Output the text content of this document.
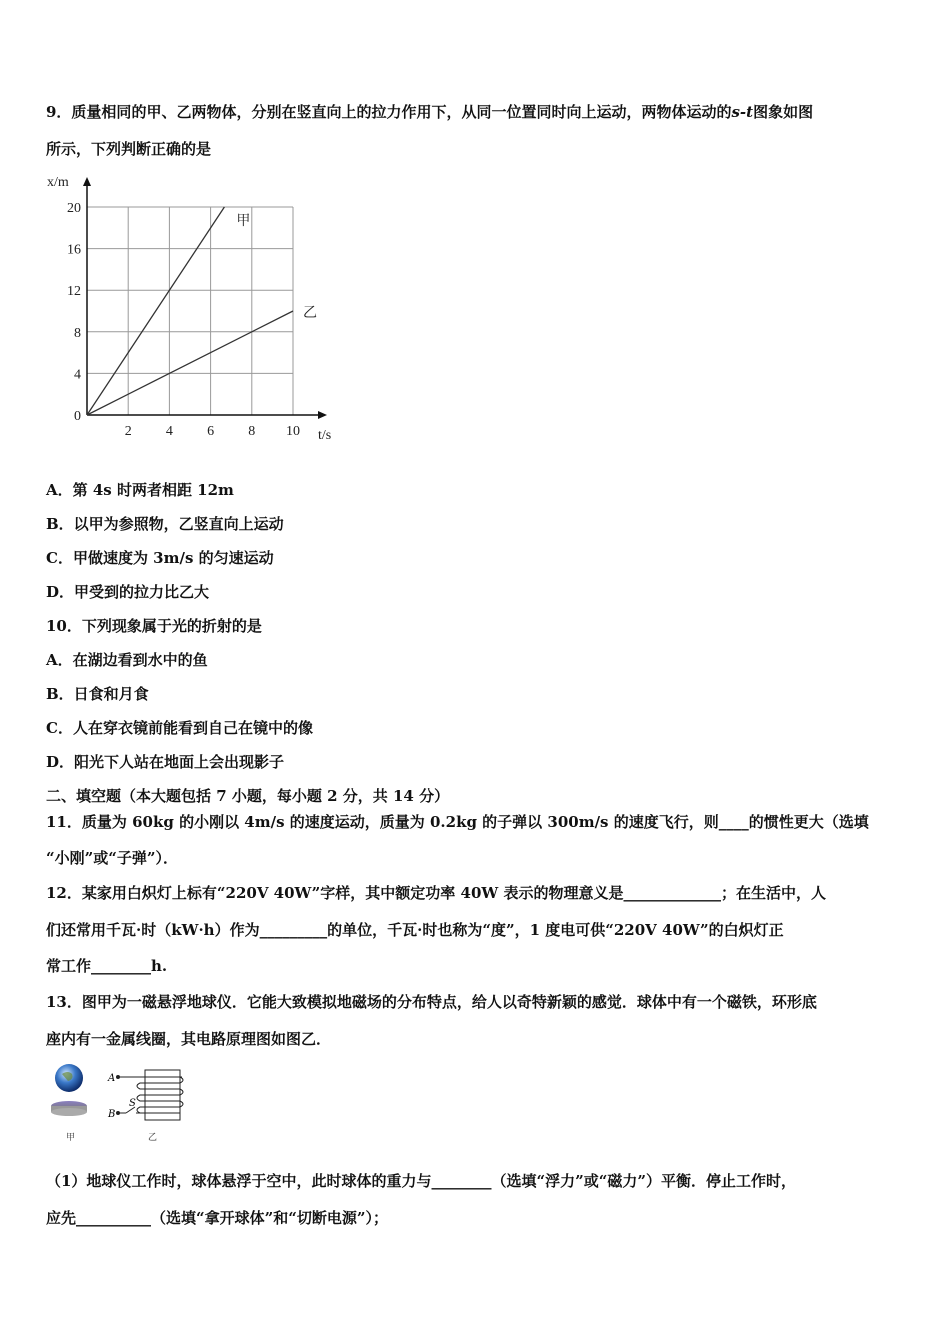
9．质量相同的甲、乙两物体，分别在竖直向上的拉力作用下，从同一位置同时向上运动，两物体运动的s-t图象如图
所示，下列判断正确的是
2 4 6 8 10
0
4
8
12
16
20
t/s
x/m
甲
乙
A．第 4s 时两者相距 12m
B．以甲为参照物，乙竖直向上运动
C．甲做速度为 3m/s 的匀速运动
D．甲受到的拉力比乙大
10．下列现象属于光的折射的是
A．在湖边看到水中的鱼
B．日食和月食
C．人在穿衣镜前能看到自己在镜中的像
D．阳光下人站在地面上会出现影子
二、填空题（本大题包括 7 小题，每小题 2 分，共 14 分）
11．质量为 60kg 的小刚以 4m/s 的速度运动，质量为 0.2kg 的子弹以 300m/s 的速度飞行，则____的惯性更大（选填
“小刚”或“子弹”）．
12．某家用白炽灯上标有“220V 40W”字样，其中额定功率 40W 表示的物理意义是_____________；在生活中，人
们还常用千瓦·时（kW·h）作为_________的单位，千瓦·时也称为“度”，1 度电可供“220V 40W”的白炽灯正
常工作________h.
13．图甲为一磁悬浮地球仪．它能大致模拟地磁场的分布特点，给人以奇特新颖的感觉．球体中有一个磁铁，环形底
座内有一金属线圈，其电路原理图如图乙．
甲
A
B
S
乙
（1）地球仪工作时，球体悬浮于空中，此时球体的重力与________（选填“浮力”或“磁力”）平衡．停止工作时，
应先__________（选填“拿开球体”和“切断电源”）；
